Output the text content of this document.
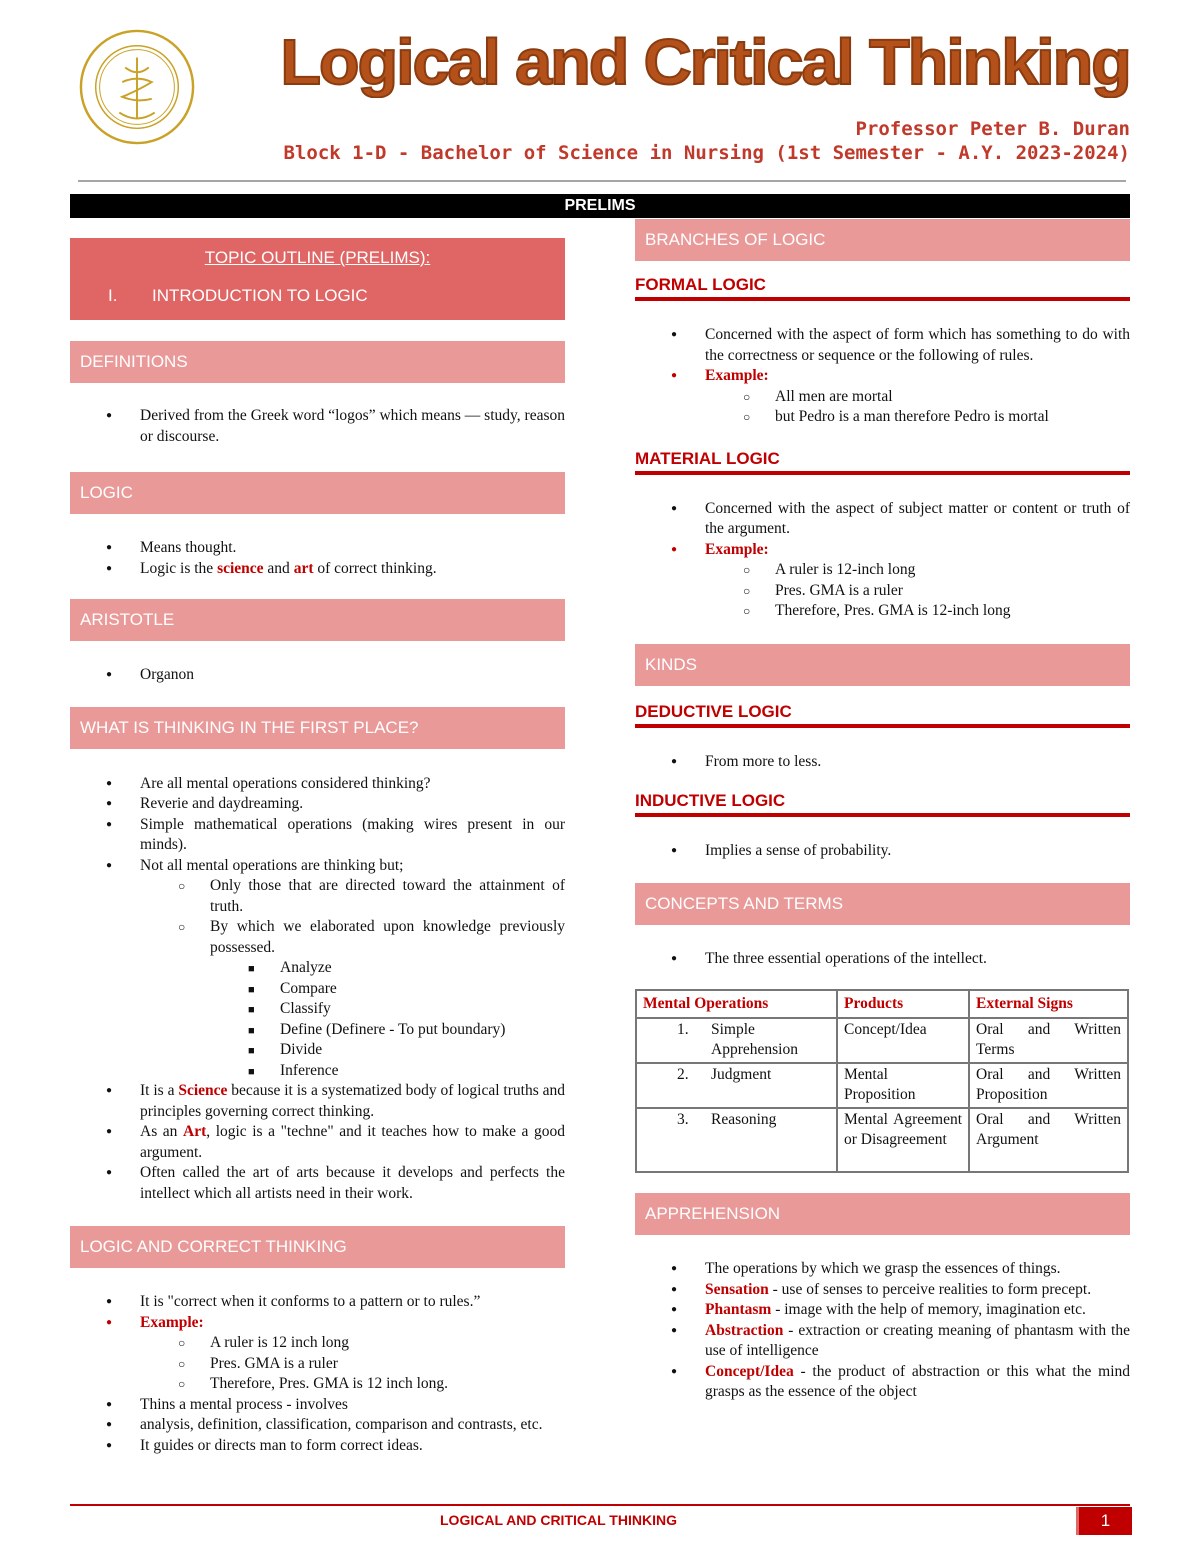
Logical and Critical Thinking
Professor Peter B. Duran
Block 1-D - Bachelor of Science in Nursing (1st Semester - A.Y. 2023-2024)
PRELIMS
TOPIC OUTLINE (PRELIMS):
I. INTRODUCTION TO LOGIC
DEFINITIONS
● Derived from the Greek word “logos” which means — study, reason or discourse.
LOGIC
● Means thought.
● Logic is the science and art of correct thinking.
ARISTOTLE
● Organon
WHAT IS THINKING IN THE FIRST PLACE?
● Are all mental operations considered thinking?
● Reverie and daydreaming.
● Simple mathematical operations (making wires present in our minds).
● Not all mental operations are thinking but;
○ Only those that are directed toward the attainment of truth.
○ By which we elaborated upon knowledge previously possessed.
■ Analyze
■ Compare
■ Classify
■ Define (Definere - To put boundary)
■ Divide
■ Inference
● It is a Science because it is a systematized body of logical truths and principles governing correct thinking.
● As an Art, logic is a "techne" and it teaches how to make a good argument.
● Often called the art of arts because it develops and perfects the intellect which all artists need in their work.
LOGIC AND CORRECT THINKING
● It is "correct when it conforms to a pattern or to rules.”
● Example:
○ A ruler is 12 inch long
○ Pres. GMA is a ruler
○ Therefore, Pres. GMA is 12 inch long.
● Thins a mental process - involves
● analysis, definition, classification, comparison and contrasts, etc.
● It guides or directs man to form correct ideas.
BRANCHES OF LOGIC
FORMAL LOGIC
● Concerned with the aspect of form which has something to do with the correctness or sequence or the following of rules.
● Example:
○ All men are mortal
○ but Pedro is a man therefore Pedro is mortal
MATERIAL LOGIC
● Concerned with the aspect of subject matter or content or truth of the argument.
● Example:
○ A ruler is 12-inch long
○ Pres. GMA is a ruler
○ Therefore, Pres. GMA is 12-inch long
KINDS
DEDUCTIVE LOGIC
● From more to less.
INDUCTIVE LOGIC
● Implies a sense of probability.
CONCEPTS AND TERMS
● The three essential operations of the intellect.
Mental Operations	Products	External Signs
1. Simple Apprehension	Concept/Idea	Oral and Written Terms
2. Judgment	Mental Proposition	Oral and Written Proposition
3. Reasoning	Mental Agreement or Disagreement	Oral and Written Argument
APPREHENSION
● The operations by which we grasp the essences of things.
● Sensation - use of senses to perceive realities to form precept.
● Phantasm - image with the help of memory, imagination etc.
● Abstraction - extraction or creating meaning of phantasm with the use of intelligence
● Concept/Idea - the product of abstraction or this what the mind grasps as the essence of the object
LOGICAL AND CRITICAL THINKING	1
